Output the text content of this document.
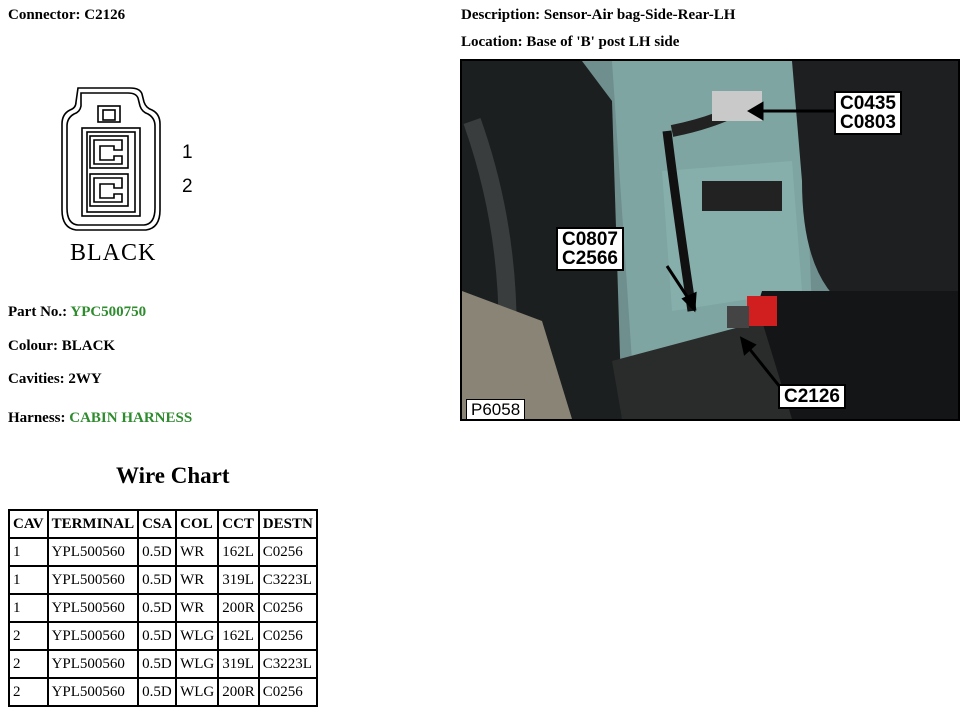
Connector: C2126	Description: Sensor-Air bag-Side-Rear-LH
Location: Base of 'B' post LH side
1
2
BLACK
Part No.: YPC500750
Colour: BLACK
Cavities: 2WY
Harness: CABIN HARNESS
C0435
C0803
C0807
C2566
C2126
P6058
Wire Chart
CAV	TERMINAL	CSA	COL	CCT	DESTN
1	YPL500560	0.5D	WR	162L	C0256
1	YPL500560	0.5D	WR	319L	C3223L
1	YPL500560	0.5D	WR	200R	C0256
2	YPL500560	0.5D	WLG	162L	C0256
2	YPL500560	0.5D	WLG	319L	C3223L
2	YPL500560	0.5D	WLG	200R	C0256
